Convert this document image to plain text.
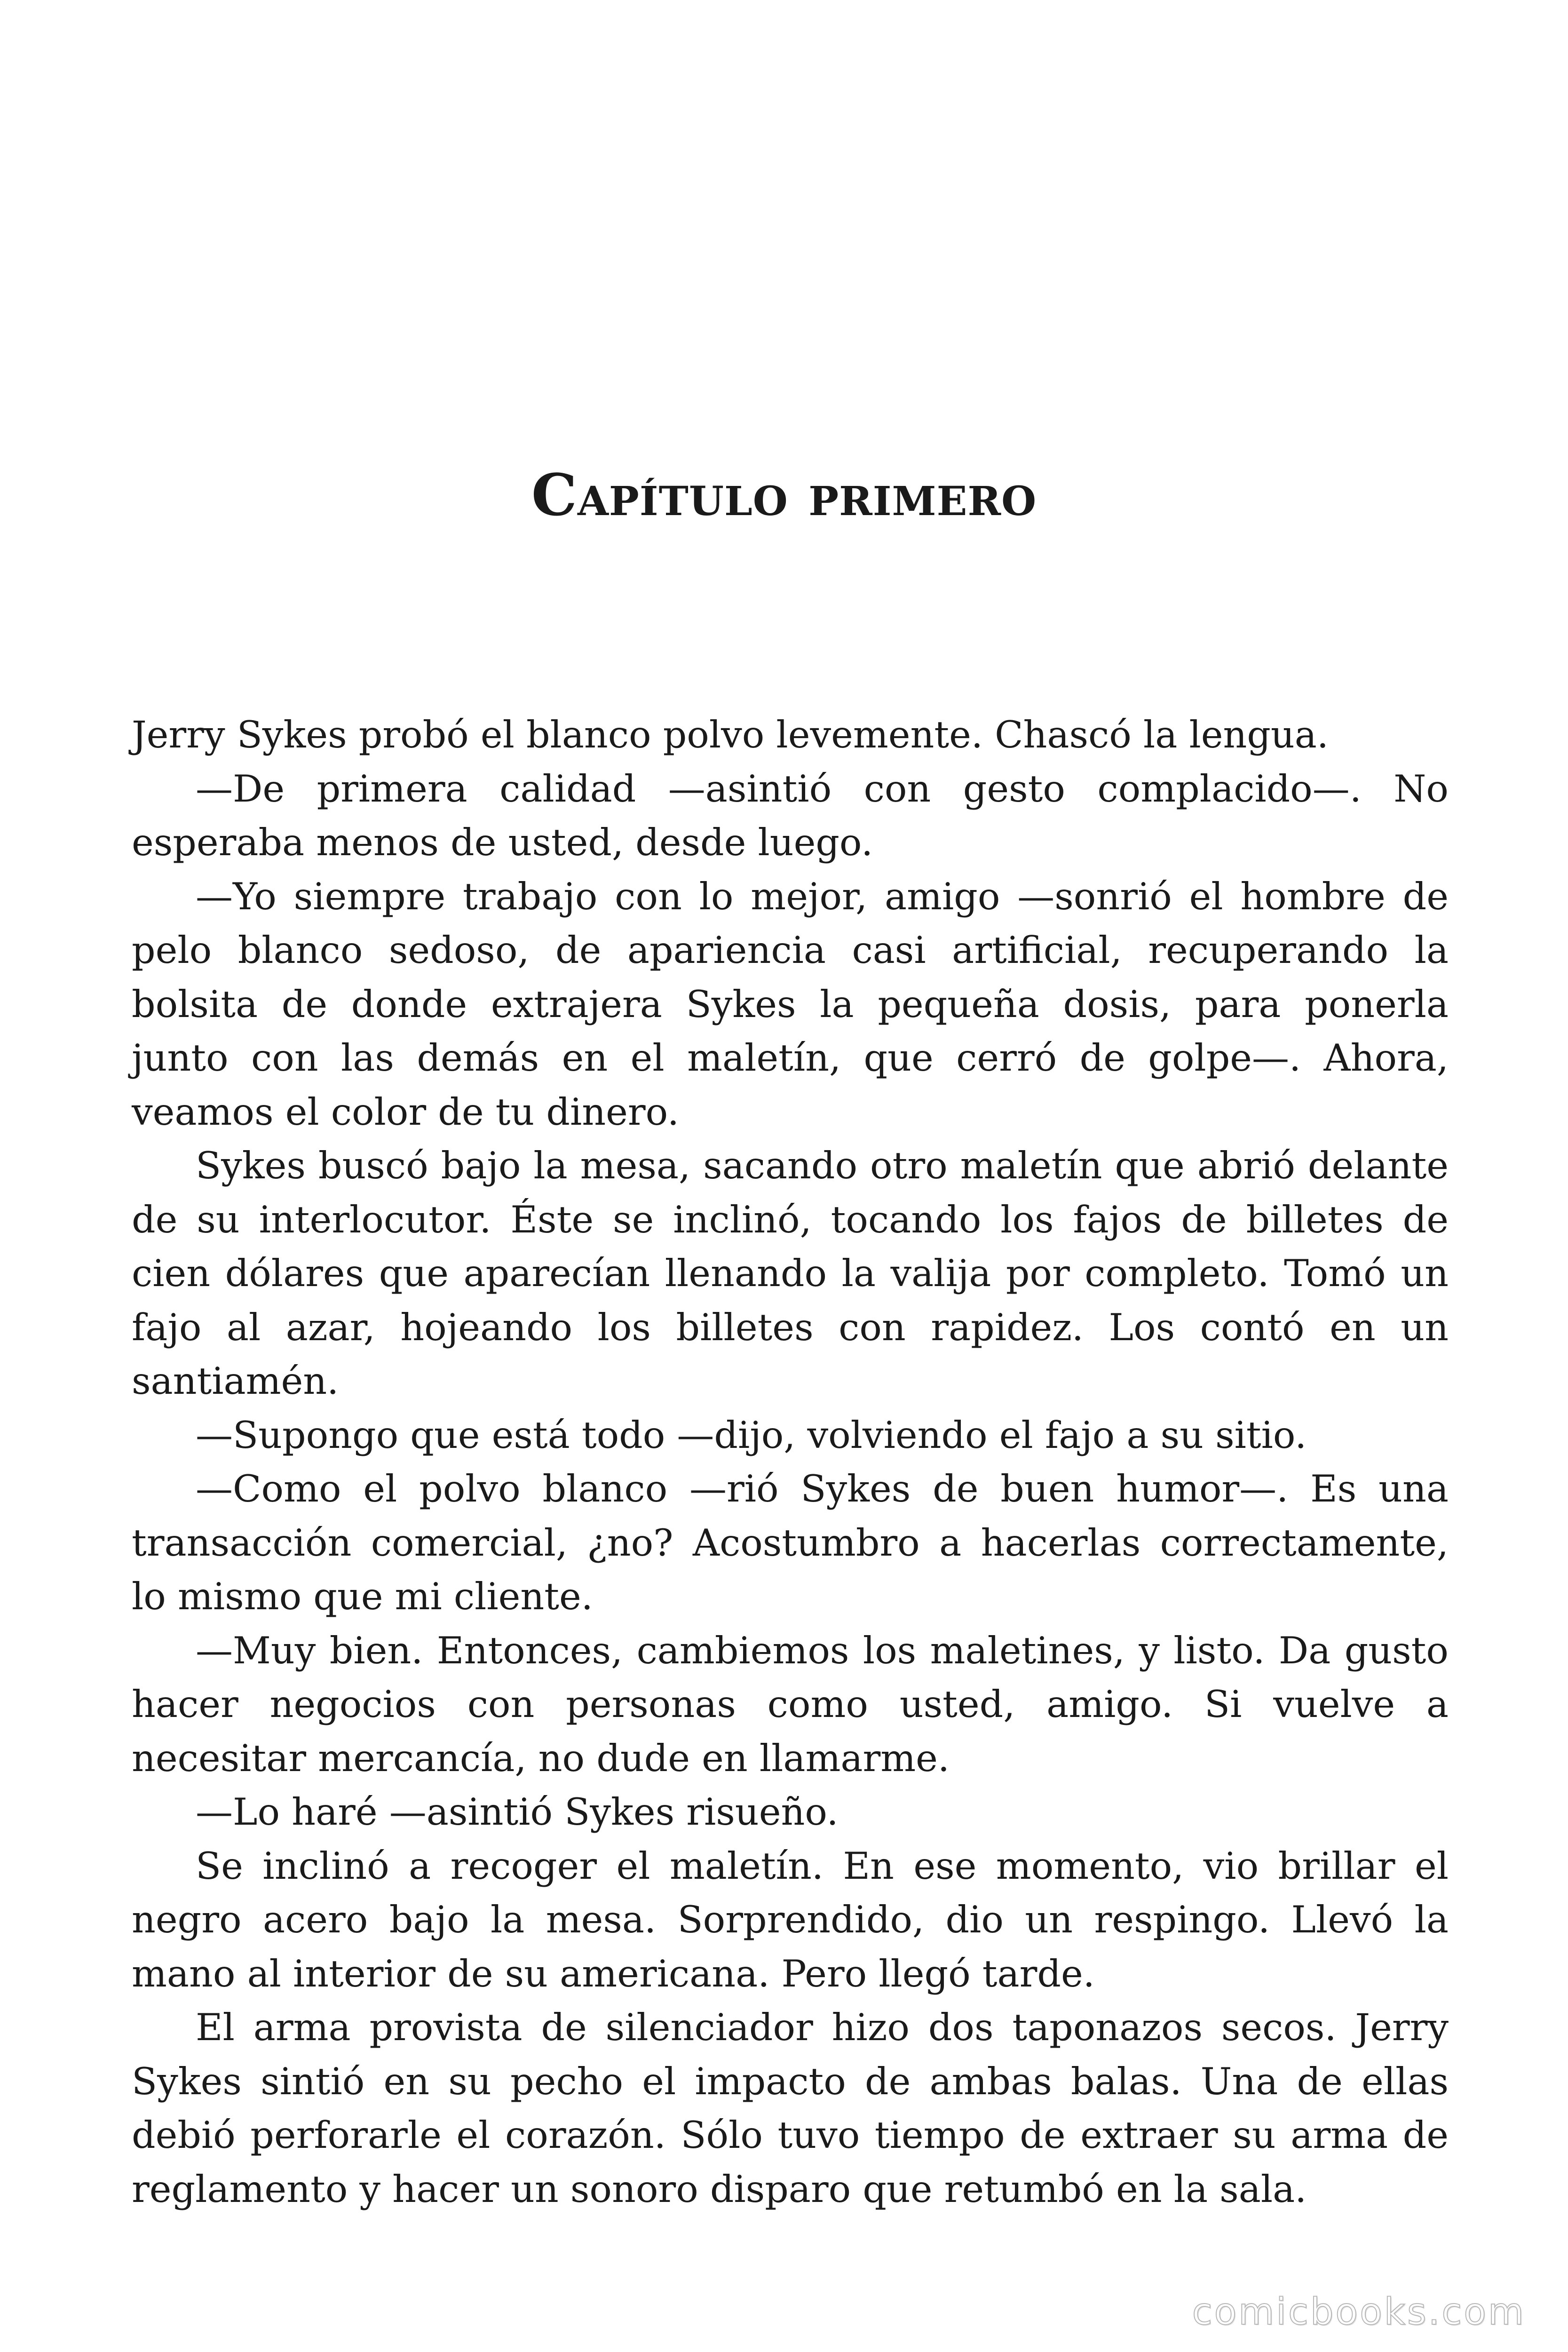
Capítulo primero

Jerry Sykes probó el blanco polvo levemente. Chascó la lengua.

—De primera calidad —asintió con gesto complacido—. No esperaba menos de usted, desde luego.

—Yo siempre trabajo con lo mejor, amigo —sonrió el hombre de pelo blanco sedoso, de apariencia casi artificial, recuperando la bolsita de donde extrajera Sykes la pequeña dosis, para ponerla junto con las demás en el maletín, que cerró de golpe—. Ahora, veamos el color de tu dinero.

Sykes buscó bajo la mesa, sacando otro maletín que abrió delante de su interlocutor. Éste se inclinó, tocando los fajos de billetes de cien dólares que aparecían llenando la valija por completo. Tomó un fajo al azar, hojeando los billetes con rapidez. Los contó en un santiamén.

—Supongo que está todo —dijo, volviendo el fajo a su sitio.

—Como el polvo blanco —rió Sykes de buen humor—. Es una transacción comercial, ¿no? Acostumbro a hacerlas correctamente, lo mismo que mi cliente.

—Muy bien. Entonces, cambiemos los maletines, y listo. Da gusto hacer negocios con personas como usted, amigo. Si vuelve a necesitar mercancía, no dude en llamarme.

—Lo haré —asintió Sykes risueño.

Se inclinó a recoger el maletín. En ese momento, vio brillar el negro acero bajo la mesa. Sorprendido, dio un respingo. Llevó la mano al interior de su americana. Pero llegó tarde.

El arma provista de silenciador hizo dos taponazos secos. Jerry Sykes sintió en su pecho el impacto de ambas balas. Una de ellas debió perforarle el corazón. Sólo tuvo tiempo de extraer su arma de reglamento y hacer un sonoro disparo que retumbó en la sala.

comicbooks.com
